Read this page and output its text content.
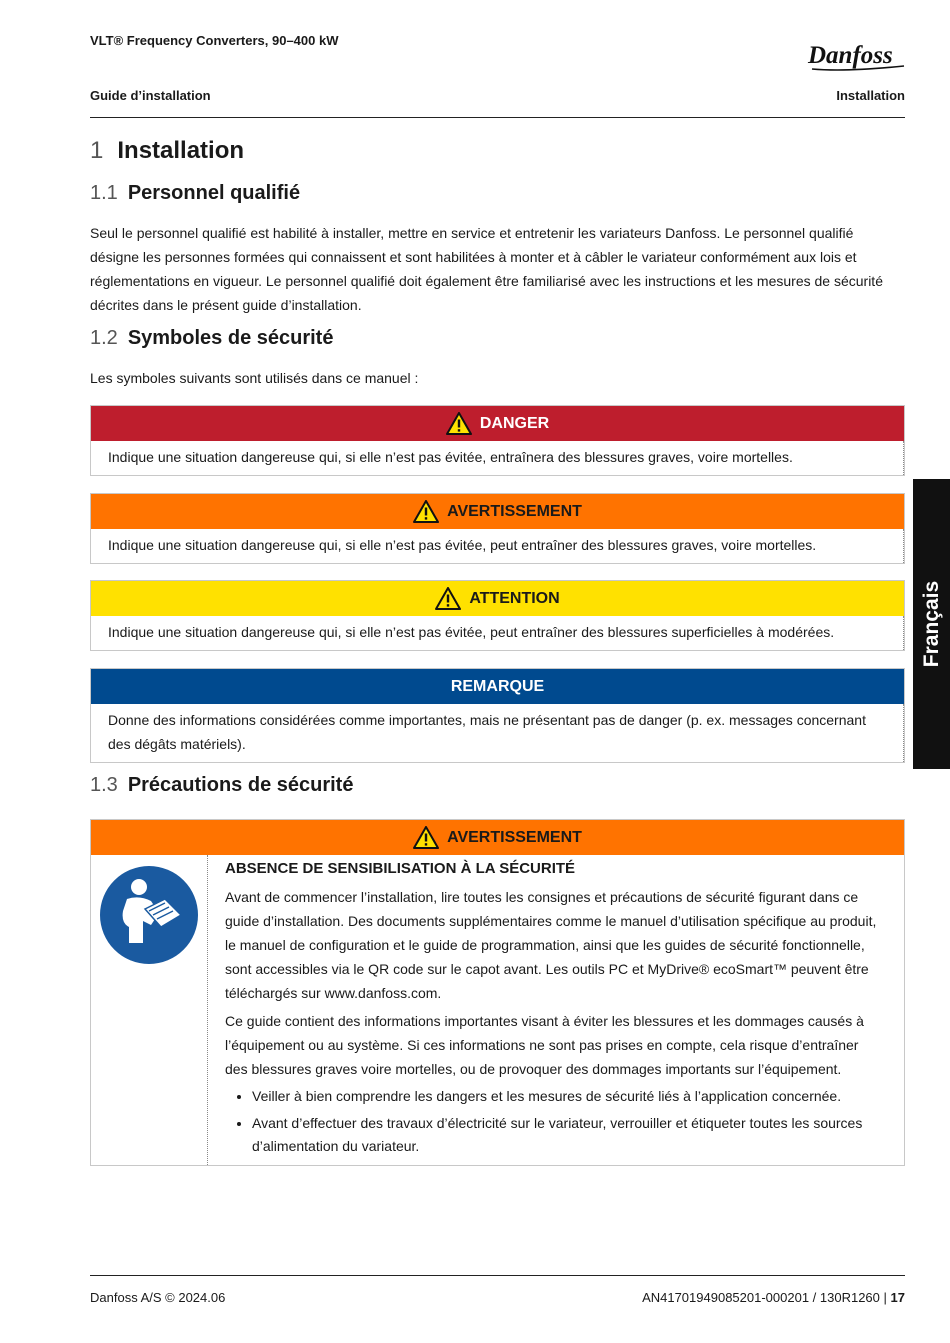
VLT® Frequency Converters, 90–400 kW
Danfoss
Guide d’installation	Installation
1 Installation
1.1 Personnel qualifié

Seul le personnel qualifié est habilité à installer, mettre en service et entretenir les variateurs Danfoss. Le personnel qualifié désigne les personnes formées qui connaissent et sont habilitées à monter et à câbler le variateur conformément aux lois et réglementations en vigueur. Le personnel qualifié doit également être familiarisé avec les instructions et les mesures de sécurité décrites dans le présent guide d’installation.

1.2 Symboles de sécurité

Les symboles suivants sont utilisés dans ce manuel :

DANGER
Indique une situation dangereuse qui, si elle n’est pas évitée, entraînera des blessures graves, voire mortelles.
AVERTISSEMENT
Indique une situation dangereuse qui, si elle n’est pas évitée, peut entraîner des blessures graves, voire mortelles.
ATTENTION
Indique une situation dangereuse qui, si elle n’est pas évitée, peut entraîner des blessures superficielles à modérées.
REMARQUE
Donne des informations considérées comme importantes, mais ne présentant pas de danger (p. ex. messages concernant des dégâts matériels).
1.3 Précautions de sécurité
AVERTISSEMENT
ABSENCE DE SENSIBILISATION À LA SÉCURITÉ

Avant de commencer l’installation, lire toutes les consignes et précautions de sécurité figurant dans ce guide d’installation. Des documents supplémentaires comme le manuel d’utilisation spécifique au produit, le manuel de configuration et le guide de programmation, ainsi que les guides de sécurité fonctionnelle, sont accessibles via le QR code sur le capot avant. Les outils PC et MyDrive® ecoSmart™ peuvent être téléchargés sur www.danfoss.com.

Ce guide contient des informations importantes visant à éviter les blessures et les dommages causés à l’équipement ou au système. Si ces informations ne sont pas prises en compte, cela risque d’entraîner des blessures graves voire mortelles, ou de provoquer des dommages importants sur l’équipement.

• Veiller à bien comprendre les dangers et les mesures de sécurité liés à l’application concernée.
• Avant d’effectuer des travaux d’électricité sur le variateur, verrouiller et étiqueter toutes les sources d’alimentation du variateur.
Français
Danfoss A/S © 2024.06	AN41701949085201-000201 / 130R1260 | 17
